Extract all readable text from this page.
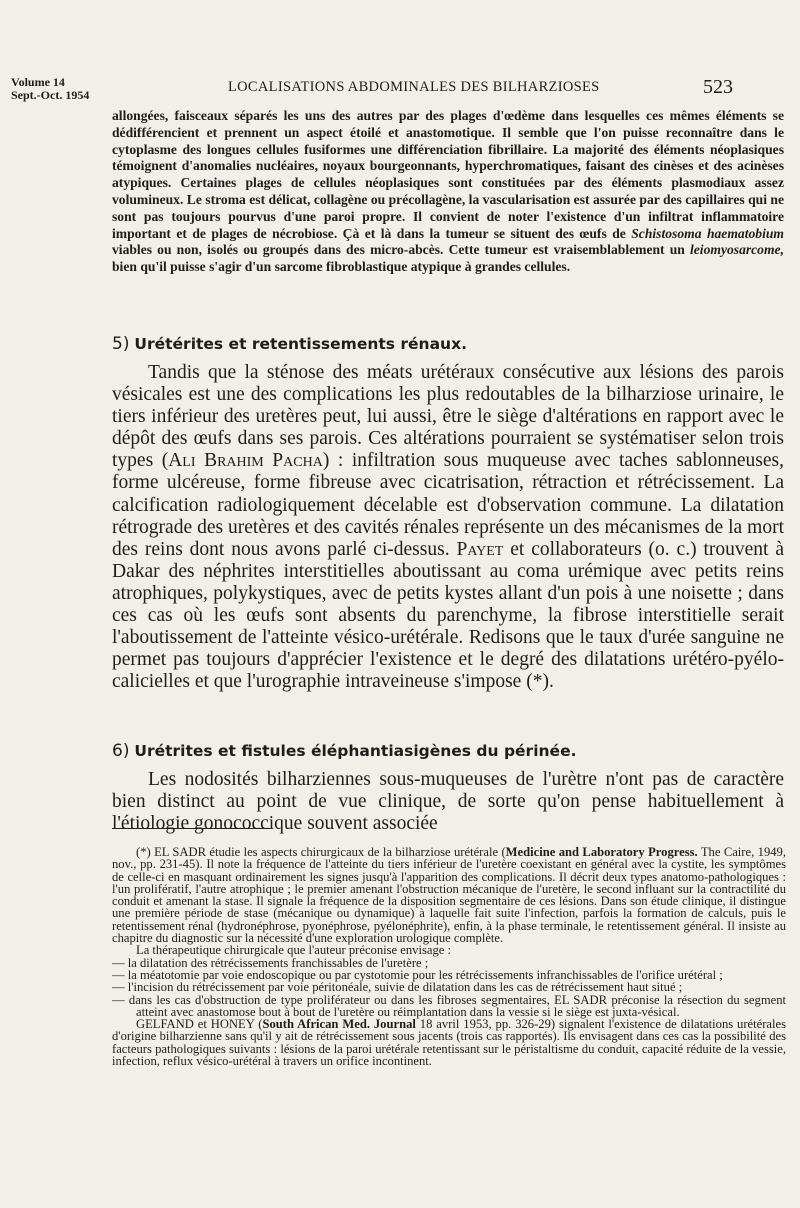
Volume 14
Sept.-Oct. 1954	LOCALISATIONS ABDOMINALES DES BILHARZIOSES	523

allongées, faisceaux séparés les uns des autres par des plages d'œdème dans lesquelles ces mêmes éléments se dédifférencient et prennent un aspect étoilé et anastomotique. Il semble que l'on puisse reconnaître dans le cytoplasme des longues cellules fusiformes une différenciation fibrillaire. La majorité des éléments néoplasiques témoignent d'anomalies nucléaires, noyaux bourgeonnants, hyperchromatiques, faisant des cinèses et des acinèses atypiques. Certaines plages de cellules néoplasiques sont constituées par des éléments plasmodiaux assez volumineux. Le stroma est délicat, collagène ou précollagène, la vascularisation est assurée par des capillaires qui ne sont pas toujours pourvus d'une paroi propre. Il convient de noter l'existence d'un infiltrat inflammatoire important et de plages de nécrobiose. Çà et là dans la tumeur se situent des œufs de Schistosoma haematobium viables ou non, isolés ou groupés dans des micro-abcès. Cette tumeur est vraisemblablement un leiomyosarcome, bien qu'il puisse s'agir d'un sarcome fibroblastique atypique à grandes cellules.

5) Urétérites et retentissements rénaux.

Tandis que la sténose des méats urétéraux consécutive aux lésions des parois vésicales est une des complications les plus redoutables de la bilharziose urinaire, le tiers inférieur des uretères peut, lui aussi, être le siège d'altérations en rapport avec le dépôt des œufs dans ses parois. Ces altérations pourraient se systématiser selon trois types (Ali Brahim Pacha) : infiltration sous muqueuse avec taches sablonneuses, forme ulcéreuse, forme fibreuse avec cicatrisation, rétraction et rétrécissement. La calcification radiologiquement décelable est d'observation commune. La dilatation rétrograde des uretères et des cavités rénales représente un des mécanismes de la mort des reins dont nous avons parlé ci-dessus. Payet et collaborateurs (o. c.) trouvent à Dakar des néphrites interstitielles aboutissant au coma urémique avec petits reins atrophiques, polykystiques, avec de petits kystes allant d'un pois à une noisette ; dans ces cas où les œufs sont absents du parenchyme, la fibrose interstitielle serait l'aboutissement de l'atteinte vésico-urétérale. Redisons que le taux d'urée sanguine ne permet pas toujours d'apprécier l'existence et le degré des dilatations urétéro-pyélo-calicielles et que l'urographie intraveineuse s'impose (*).

6) Urétrites et fistules éléphantiasigènes du périnée.

Les nodosités bilharziennes sous-muqueuses de l'urètre n'ont pas de caractère bien distinct au point de vue clinique, de sorte qu'on pense habituellement à l'étiologie gonococcique souvent associée

(*) EL SADR étudie les aspects chirurgicaux de la bilharziose urétérale (Medicine and Laboratory Progress. The Caire, 1949, nov., pp. 231-45). Il note la fréquence de l'atteinte du tiers inférieur de l'uretère coexistant en général avec la cystite, les symptômes de celle-ci en masquant ordinairement les signes jusqu'à l'apparition des complications. Il décrit deux types anatomo-pathologiques : l'un prolifératif, l'autre atrophique ; le premier amenant l'obstruction mécanique de l'uretère, le second influant sur la contractilité du conduit et amenant la stase. Il signale la fréquence de la disposition segmentaire de ces lésions. Dans son étude clinique, il distingue une première période de stase (mécanique ou dynamique) à laquelle fait suite l'infection, parfois la formation de calculs, puis le retentissement rénal (hydronéphrose, pyonéphrose, pyélonéphrite), enfin, à la phase terminale, le retentissement général. Il insiste au chapitre du diagnostic sur la nécessité d'une exploration urologique complète.

La thérapeutique chirurgicale que l'auteur préconise envisage :

— la dilatation des rétrécissements franchissables de l'uretère ;

— la méatotomie par voie endoscopique ou par cystotomie pour les rétrécissements infranchissables de l'orifice urétéral ;

— l'incision du rétrécissement par voie péritonéale, suivie de dilatation dans les cas de rétrécissement haut situé ;

— dans les cas d'obstruction de type proliférateur ou dans les fibroses segmentaires, EL SADR préconise la résection du segment atteint avec anastomose bout à bout de l'uretère ou réimplantation dans la vessie si le siège est juxta-vésical.

GELFAND et HONEY (South African Med. Journal 18 avril 1953, pp. 326-29) signalent l'existence de dilatations urétérales d'origine bilharzienne sans qu'il y ait de rétrécissement sous jacents (trois cas rapportés). Ils envisagent dans ces cas la possibilité des facteurs pathologiques suivants : lésions de la paroi urétérale retentissant sur le péristaltisme du conduit, capacité réduite de la vessie, infection, reflux vésico-urétéral à travers un orifice incontinent.
